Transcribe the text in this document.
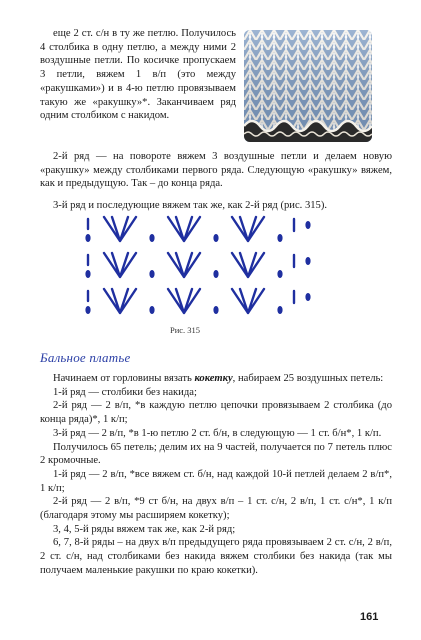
еще 2 ст. с/н в ту же петлю. Получилось 4 столбика в одну петлю, а между ними 2 воздушные петли. По косичке пропускаем 3 петли, вяжем 1 в/п (это между «ракушками») и в 4-ю петлю провязываем такую же «ракушку»*. Заканчиваем ряд одним столбиком с накидом.

2-й ряд — на повороте вяжем 3 воздушные петли и делаем новую «ракушку» между столбиками первого ряда. Следующую «ракушку» вяжем, как и предыдущую. Так – до конца ряда.

3-й ряд и последующие вяжем так же, как 2-й ряд (рис. 315).

Рис. 315
Бальное платье

Начинаем от горловины вязать кокетку, набираем 25 воздушных петель:

1-й ряд — столбики без накида;

2-й ряд — 2 в/п, *в каждую петлю цепочки провязываем 2 столбика (до конца ряда)*, 1 к/п;

3-й ряд — 2 в/п, *в 1-ю петлю 2 ст. б/н, в следующую — 1 ст. б/н*, 1 к/п.

Получилось 65 петель; делим их на 9 частей, получается по 7 петель плюс 2 кромочные.

1-й ряд — 2 в/п, *все вяжем ст. б/н, над каждой 10-й петлей делаем 2 в/п*, 1 к/п;

2-й ряд — 2 в/п, *9 ст б/н, на двух в/п – 1 ст. с/н, 2 в/п, 1 ст. с/н*, 1 к/п (благодаря этому мы расширяем кокетку);

3, 4, 5-й ряды вяжем так же, как 2-й ряд;

6, 7, 8-й ряды – на двух в/п предыдущего ряда провязываем 2 ст. с/н, 2 в/п, 2 ст. с/н, над столбиками без накида вяжем столбики без накида (так мы получаем маленькие ракушки по краю кокетки).

161
